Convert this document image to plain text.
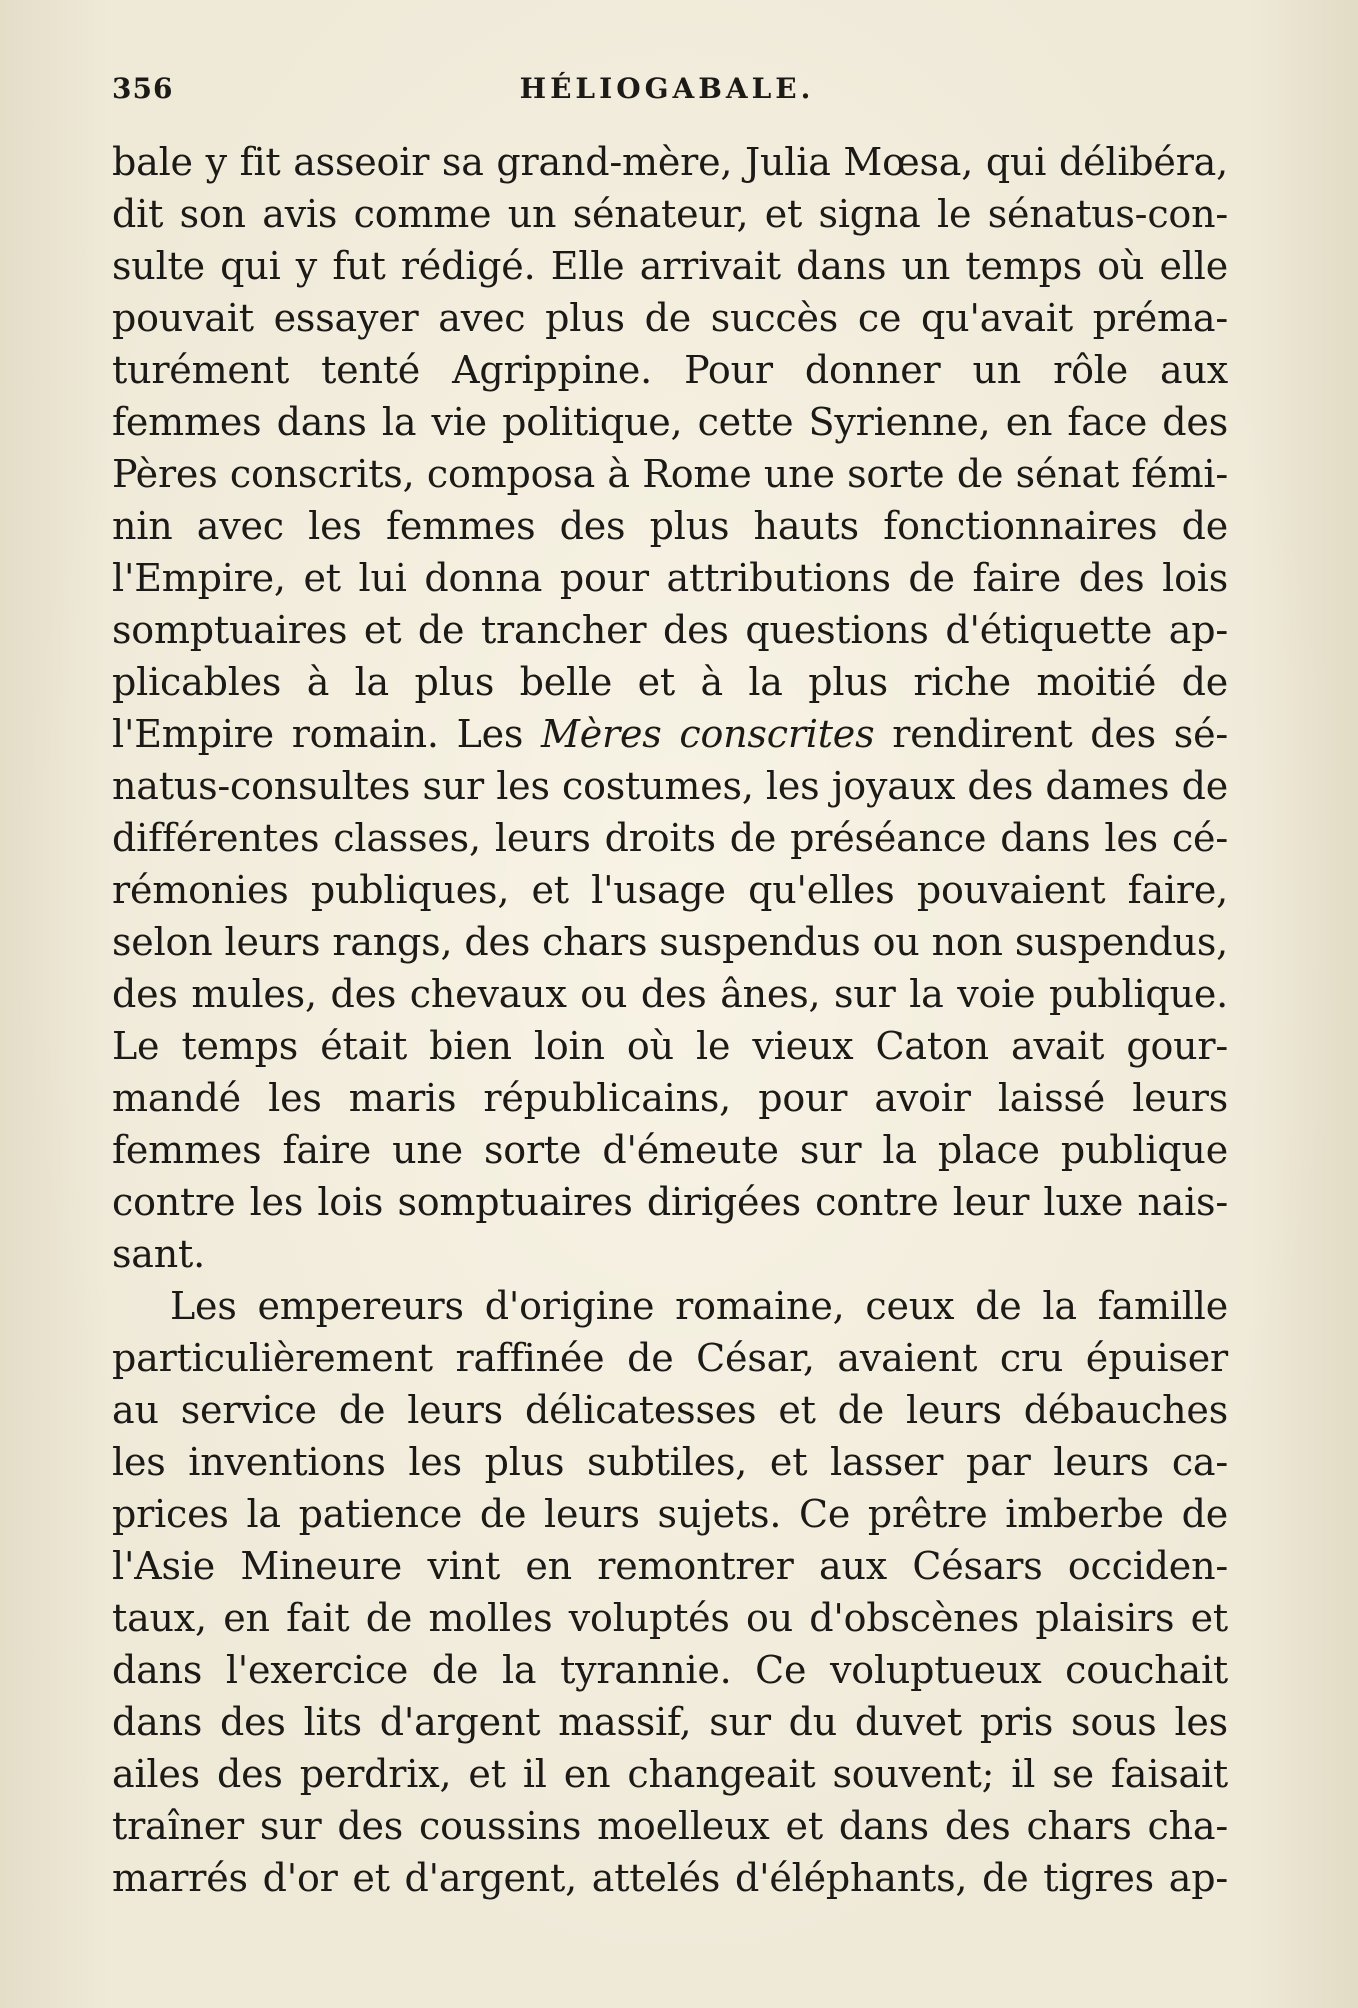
356	HÉLIOGABALE.
bale y fit asseoir sa grand-mère, Julia Mœsa, qui délibéra,
dit son avis comme un sénateur, et signa le sénatus-con-
sulte qui y fut rédigé. Elle arrivait dans un temps où elle
pouvait essayer avec plus de succès ce qu'avait préma-
turément tenté Agrippine. Pour donner un rôle aux
femmes dans la vie politique, cette Syrienne, en face des
Pères conscrits, composa à Rome une sorte de sénat fémi-
nin avec les femmes des plus hauts fonctionnaires de
l'Empire, et lui donna pour attributions de faire des lois
somptuaires et de trancher des questions d'étiquette ap-
plicables à la plus belle et à la plus riche moitié de
l'Empire romain. Les Mères conscrites rendirent des sé-
natus-consultes sur les costumes, les joyaux des dames de
différentes classes, leurs droits de préséance dans les cé-
rémonies publiques, et l'usage qu'elles pouvaient faire,
selon leurs rangs, des chars suspendus ou non suspendus,
des mules, des chevaux ou des ânes, sur la voie publique.
Le temps était bien loin où le vieux Caton avait gour-
mandé les maris républicains, pour avoir laissé leurs
femmes faire une sorte d'émeute sur la place publique
contre les lois somptuaires dirigées contre leur luxe nais-
sant.
Les empereurs d'origine romaine, ceux de la famille
particulièrement raffinée de César, avaient cru épuiser
au service de leurs délicatesses et de leurs débauches
les inventions les plus subtiles, et lasser par leurs ca-
prices la patience de leurs sujets. Ce prêtre imberbe de
l'Asie Mineure vint en remontrer aux Césars occiden-
taux, en fait de molles voluptés ou d'obscènes plaisirs et
dans l'exercice de la tyrannie. Ce voluptueux couchait
dans des lits d'argent massif, sur du duvet pris sous les
ailes des perdrix, et il en changeait souvent; il se faisait
traîner sur des coussins moelleux et dans des chars cha-
marrés d'or et d'argent, attelés d'éléphants, de tigres ap-
